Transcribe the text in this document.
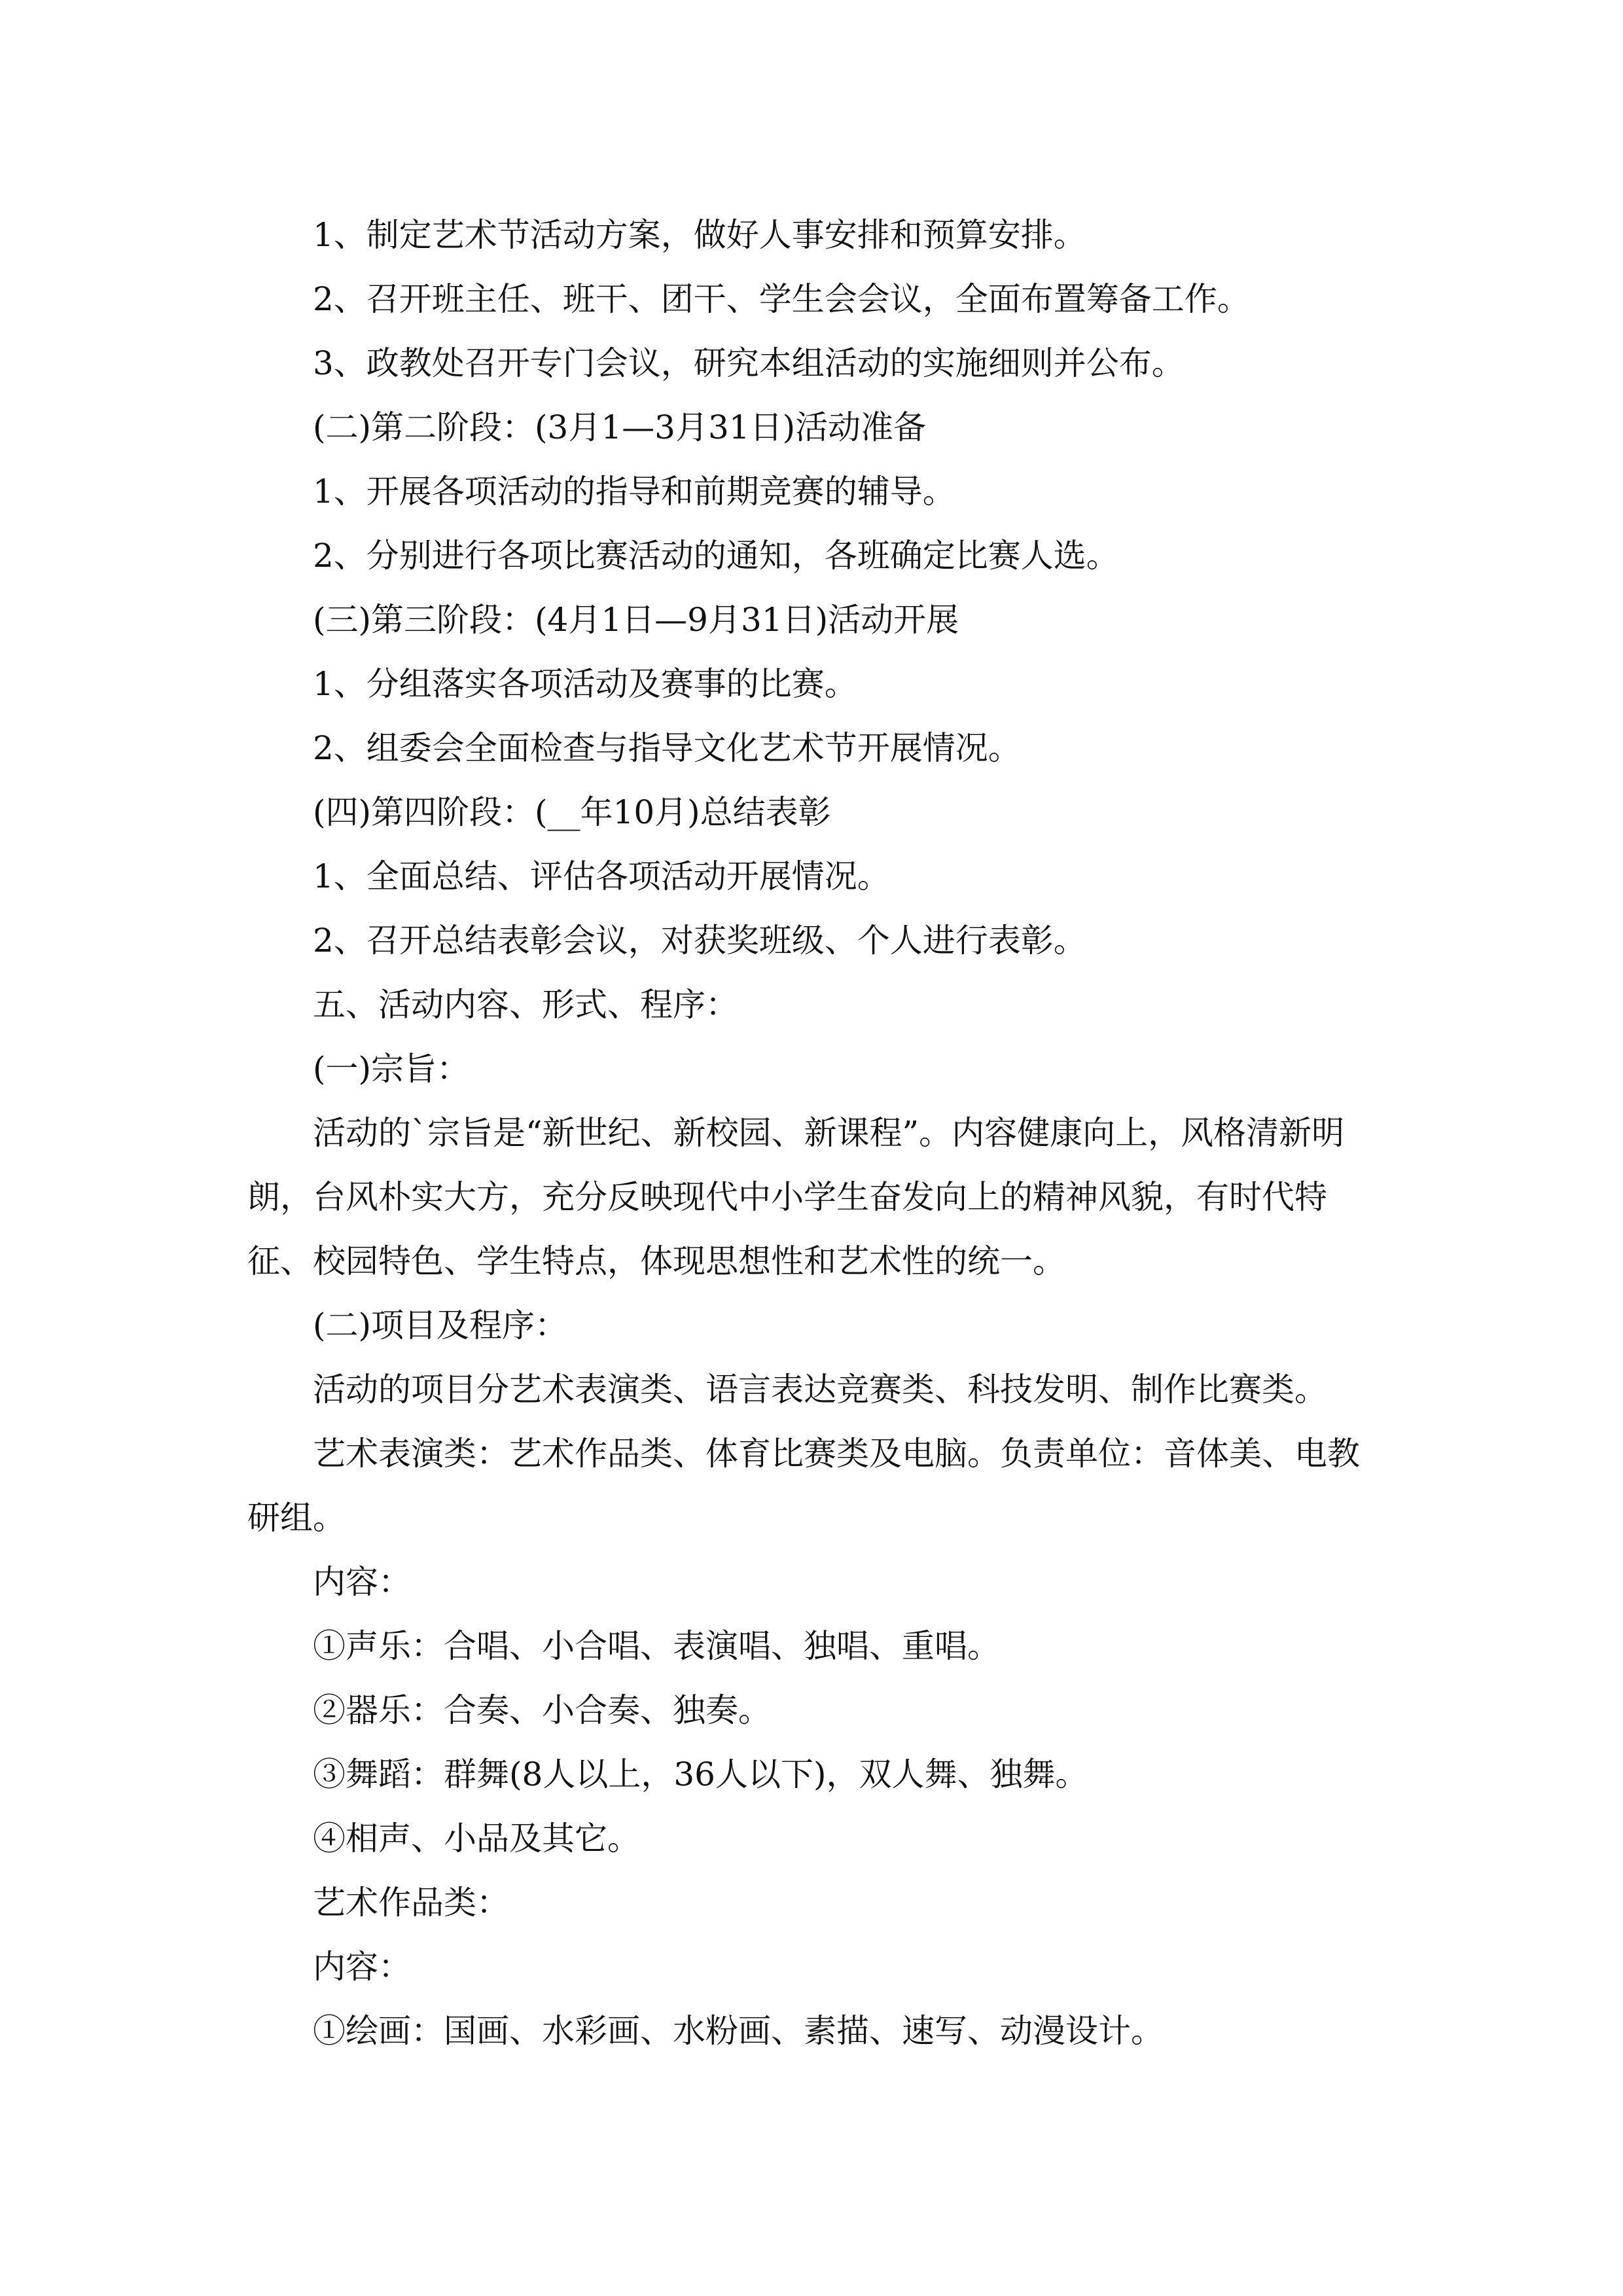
1、制定艺术节活动方案，做好人事安排和预算安排。

2、召开班主任、班干、团干、学生会会议，全面布置筹备工作。

3、政教处召开专门会议，研究本组活动的实施细则并公布。

(二)第二阶段：(3月1—3月31日)活动准备

1、开展各项活动的指导和前期竞赛的辅导。

2、分别进行各项比赛活动的通知，各班确定比赛人选。

(三)第三阶段：(4月1日—9月31日)活动开展

1、分组落实各项活动及赛事的比赛。

2、组委会全面检查与指导文化艺术节开展情况。

(四)第四阶段：(__年10月)总结表彰

1、全面总结、评估各项活动开展情况。

2、召开总结表彰会议，对获奖班级、个人进行表彰。

五、活动内容、形式、程序：

(一)宗旨：

活动的`宗旨是“新世纪、新校园、新课程”。内容健康向上，风格清新明朗，台风朴实大方，充分反映现代中小学生奋发向上的精神风貌，有时代特征、校园特色、学生特点，体现思想性和艺术性的统一。

(二)项目及程序：

活动的项目分艺术表演类、语言表达竞赛类、科技发明、制作比赛类。

艺术表演类：艺术作品类、体育比赛类及电脑。负责单位：音体美、电教研组。

内容：

①声乐：合唱、小合唱、表演唱、独唱、重唱。

②器乐：合奏、小合奏、独奏。

③舞蹈：群舞(8人以上，36人以下)，双人舞、独舞。

④相声、小品及其它。

艺术作品类：

内容：

①绘画：国画、水彩画、水粉画、素描、速写、动漫设计。
